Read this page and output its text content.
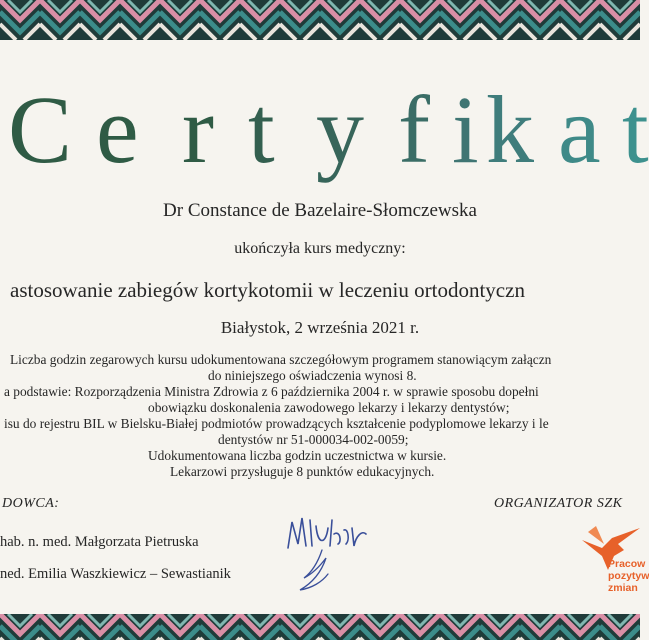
C e r t y f i k a t
Dr Constance de Bazelaire-Słomczewska
ukończyła kurs medyczny:
astosowanie zabiegów kortykotomii w leczeniu ortodontyczn
Białystok, 2 września 2021 r.
Liczba godzin zegarowych kursu udokumentowana szczegółowym programem stanowiącym załączn
do niniejszego oświadczenia wynosi 8.
a podstawie: Rozporządzenia Ministra Zdrowia z 6 października 2004 r. w sprawie sposobu dopełni
obowiązku doskonalenia zawodowego lekarzy i lekarzy dentystów;
isu do rejestru BIL w Bielsku-Białej podmiotów prowadzących kształcenie podyplomowe lekarzy i le
dentystów nr 51-000034-002-0059;
Udokumentowana liczba godzin uczestnictwa w kursie.
Lekarzowi przysługuje 8 punktów edukacyjnych.
DOWCA:	ORGANIZATOR SZK
hab. n. med. Małgorzata Pietruska
ned. Emilia Waszkiewicz – Sewastianik
Pracow
pozytyw
zmian
